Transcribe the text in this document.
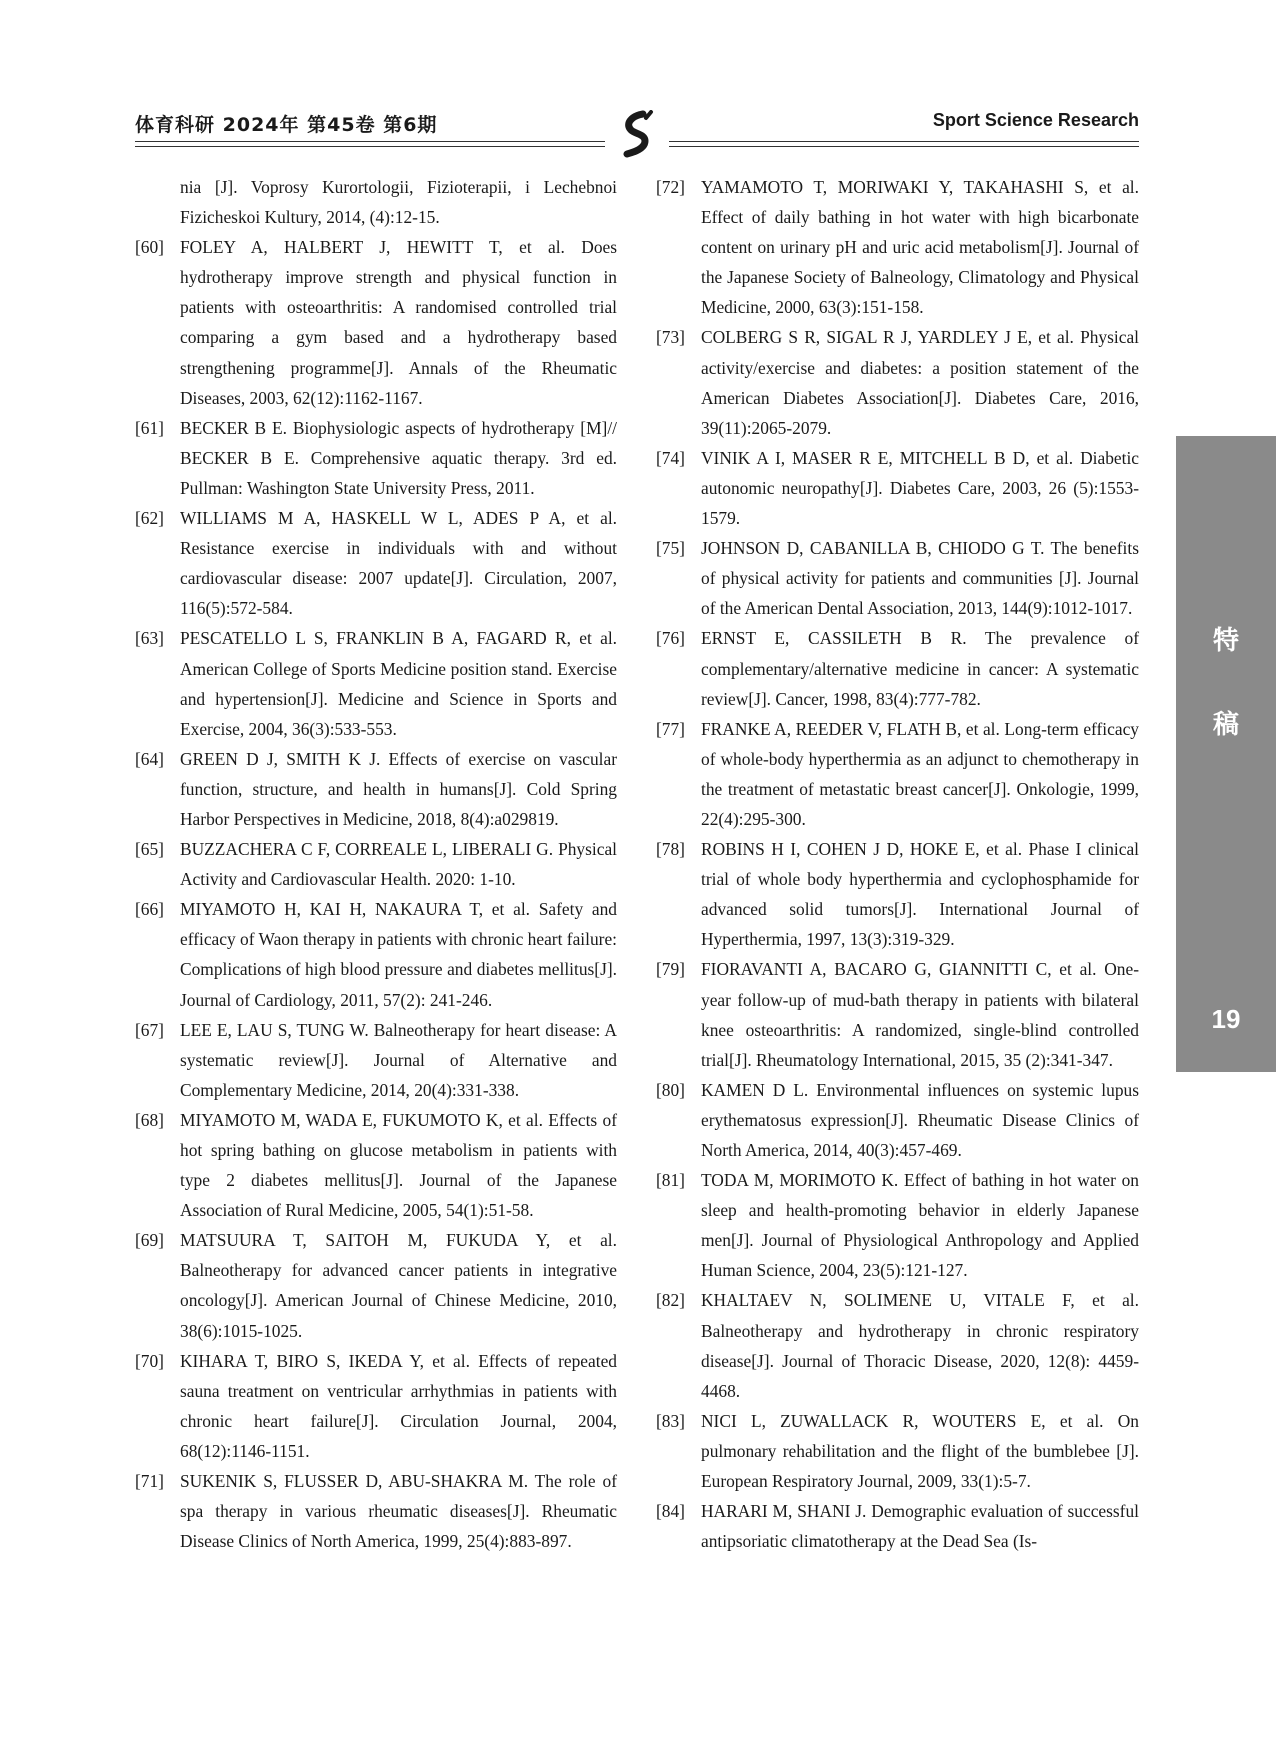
体育科研 2024年 第45卷 第6期	Sport Science Research

nia [J]. Voprosy Kurortologii, Fizioterapii, i Lechebnoi Fizicheskoi Kultury, 2014, (4):12-15.

[60] FOLEY A, HALBERT J, HEWITT T, et al. Does hydrotherapy improve strength and physical function in patients with osteoarthritis: A randomised controlled trial comparing a gym based and a hydrotherapy based strengthening programme[J]. Annals of the Rheumatic Diseases, 2003, 62(12):1162-1167.

[61] BECKER B E. Biophysiologic aspects of hydrotherapy [M]// BECKER B E. Comprehensive aquatic therapy. 3rd ed. Pullman: Washington State University Press, 2011.

[62] WILLIAMS M A, HASKELL W L, ADES P A, et al. Resistance exercise in individuals with and without cardiovascular disease: 2007 update[J]. Circulation, 2007, 116(5):572-584.

[63] PESCATELLO L S, FRANKLIN B A, FAGARD R, et al. American College of Sports Medicine position stand. Exercise and hypertension[J]. Medicine and Science in Sports and Exercise, 2004, 36(3):533-553.

[64] GREEN D J, SMITH K J. Effects of exercise on vascular function, structure, and health in humans[J]. Cold Spring Harbor Perspectives in Medicine, 2018, 8(4):a029819.

[65] BUZZACHERA C F, CORREALE L, LIBERALI G. Physical Activity and Cardiovascular Health. 2020: 1-10.

[66] MIYAMOTO H, KAI H, NAKAURA T, et al. Safety and efficacy of Waon therapy in patients with chronic heart failure: Complications of high blood pressure and diabetes mellitus[J]. Journal of Cardiology, 2011, 57(2): 241-246.

[67] LEE E, LAU S, TUNG W. Balneotherapy for heart disease: A systematic review[J]. Journal of Alternative and Complementary Medicine, 2014, 20(4):331-338.

[68] MIYAMOTO M, WADA E, FUKUMOTO K, et al. Effects of hot spring bathing on glucose metabolism in patients with type 2 diabetes mellitus[J]. Journal of the Japanese Association of Rural Medicine, 2005, 54(1):51-58.

[69] MATSUURA T, SAITOH M, FUKUDA Y, et al. Balneotherapy for advanced cancer patients in integrative oncology[J]. American Journal of Chinese Medicine, 2010, 38(6):1015-1025.

[70] KIHARA T, BIRO S, IKEDA Y, et al. Effects of repeated sauna treatment on ventricular arrhythmias in patients with chronic heart failure[J]. Circulation Journal, 2004, 68(12):1146-1151.

[71] SUKENIK S, FLUSSER D, ABU-SHAKRA M. The role of spa therapy in various rheumatic diseases[J]. Rheumatic Disease Clinics of North America, 1999, 25(4):883-897.

[72] YAMAMOTO T, MORIWAKI Y, TAKAHASHI S, et al. Effect of daily bathing in hot water with high bicarbonate content on urinary pH and uric acid metabolism[J]. Journal of the Japanese Society of Balneology, Climatology and Physical Medicine, 2000, 63(3):151-158.

[73] COLBERG S R, SIGAL R J, YARDLEY J E, et al. Physical activity/exercise and diabetes: a position statement of the American Diabetes Association[J]. Diabetes Care, 2016, 39(11):2065-2079.

[74] VINIK A I, MASER R E, MITCHELL B D, et al. Diabetic autonomic neuropathy[J]. Diabetes Care, 2003, 26 (5):1553-1579.

[75] JOHNSON D, CABANILLA B, CHIODO G T. The benefits of physical activity for patients and communities [J]. Journal of the American Dental Association, 2013, 144(9):1012-1017.

[76] ERNST E, CASSILETH B R. The prevalence of complementary/alternative medicine in cancer: A systematic review[J]. Cancer, 1998, 83(4):777-782.

[77] FRANKE A, REEDER V, FLATH B, et al. Long-term efficacy of whole-body hyperthermia as an adjunct to chemotherapy in the treatment of metastatic breast cancer[J]. Onkologie, 1999, 22(4):295-300.

[78] ROBINS H I, COHEN J D, HOKE E, et al. Phase I clinical trial of whole body hyperthermia and cyclophosphamide for advanced solid tumors[J]. International Journal of Hyperthermia, 1997, 13(3):319-329.

[79] FIORAVANTI A, BACARO G, GIANNITTI C, et al. One-year follow-up of mud-bath therapy in patients with bilateral knee osteoarthritis: A randomized, single-blind controlled trial[J]. Rheumatology International, 2015, 35 (2):341-347.

[80] KAMEN D L. Environmental influences on systemic lupus erythematosus expression[J]. Rheumatic Disease Clinics of North America, 2014, 40(3):457-469.

[81] TODA M, MORIMOTO K. Effect of bathing in hot water on sleep and health-promoting behavior in elderly Japanese men[J]. Journal of Physiological Anthropology and Applied Human Science, 2004, 23(5):121-127.

[82] KHALTAEV N, SOLIMENE U, VITALE F, et al. Balneotherapy and hydrotherapy in chronic respiratory disease[J]. Journal of Thoracic Disease, 2020, 12(8): 4459-4468.

[83] NICI L, ZUWALLACK R, WOUTERS E, et al. On pulmonary rehabilitation and the flight of the bumblebee [J]. European Respiratory Journal, 2009, 33(1):5-7.

[84] HARARI M, SHANI J. Demographic evaluation of successful antipsoriatic climatotherapy at the Dead Sea (Is-

特
稿
19
